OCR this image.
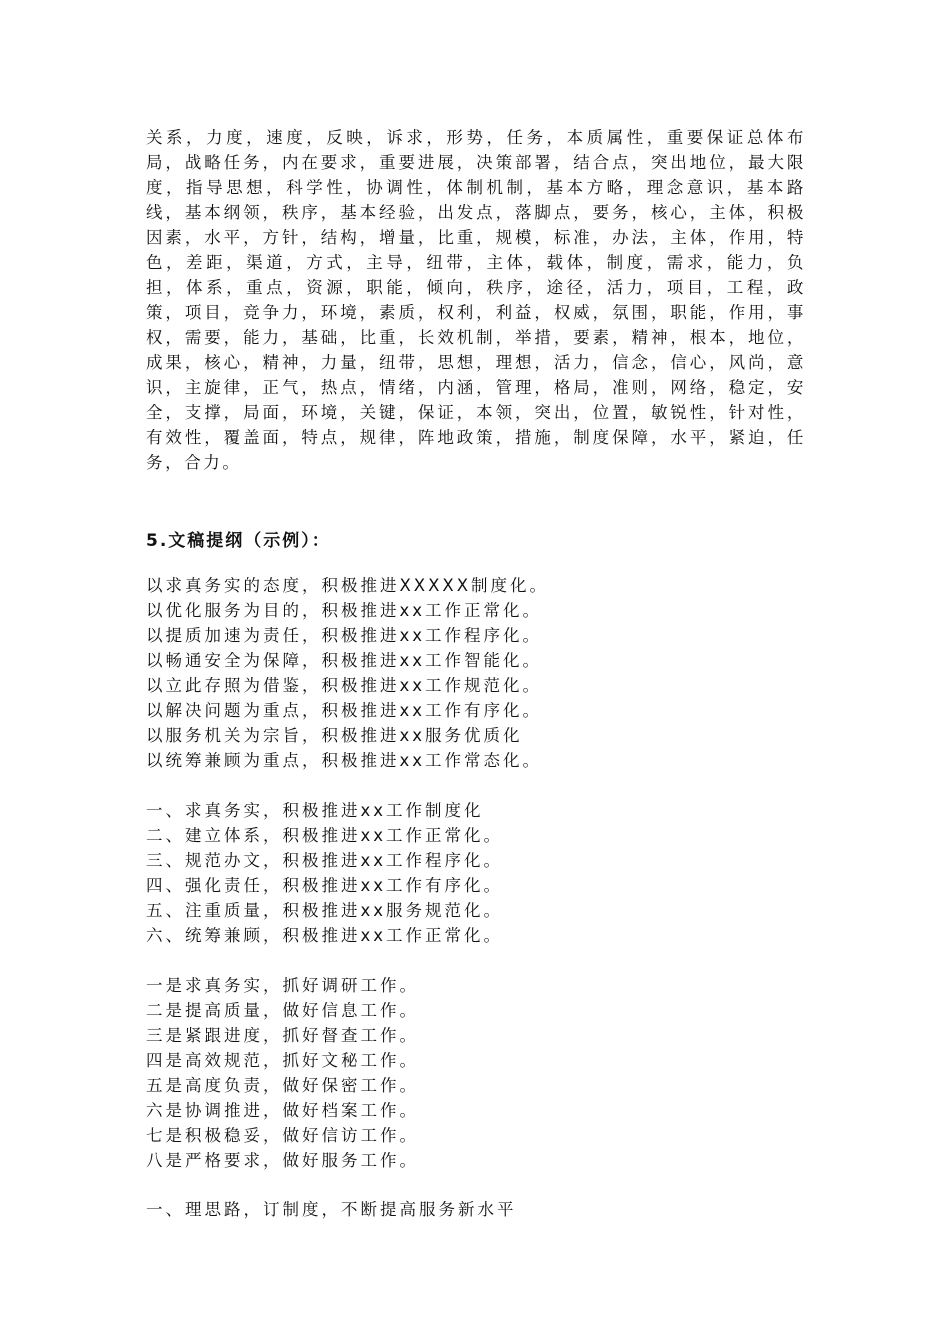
关系，力度，速度，反映，诉求，形势，任务，本质属性，重要保证总体布局，战略任务，内在要求，重要进展，决策部署，结合点，突出地位，最大限度，指导思想，科学性，协调性，体制机制，基本方略，理念意识，基本路线，基本纲领，秩序，基本经验，出发点，落脚点，要务，核心，主体，积极因素，水平，方针，结构，增量，比重，规模，标准，办法，主体，作用，特色，差距，渠道，方式，主导，纽带，主体，载体，制度，需求，能力，负担，体系，重点，资源，职能，倾向，秩序，途径，活力，项目，工程，政策，项目，竞争力，环境，素质，权利，利益，权威，氛围，职能，作用，事权，需要，能力，基础，比重，长效机制，举措，要素，精神，根本，地位，成果，核心，精神，力量，纽带，思想，理想，活力，信念，信心，风尚，意识，主旋律，正气，热点，情绪，内涵，管理，格局，准则，网络，稳定，安全，支撑，局面，环境，关键，保证，本领，突出，位置，敏锐性，针对性，有效性，覆盖面，特点，规律，阵地政策，措施，制度保障，水平，紧迫，任务，合力。

5.文稿提纲（示例）：

以求真务实的态度，积极推进XXXXX制度化。
以优化服务为目的，积极推进xx工作正常化。
以提质加速为责任，积极推进xx工作程序化。
以畅通安全为保障，积极推进xx工作智能化。
以立此存照为借鉴，积极推进xx工作规范化。
以解决问题为重点，积极推进xx工作有序化。
以服务机关为宗旨，积极推进xx服务优质化
以统筹兼顾为重点，积极推进xx工作常态化。
一、求真务实，积极推进xx工作制度化
二、建立体系，积极推进xx工作正常化。
三、规范办文，积极推进xx工作程序化。
四、强化责任，积极推进xx工作有序化。
五、注重质量，积极推进xx服务规范化。
六、统筹兼顾，积极推进xx工作正常化。
一是求真务实，抓好调研工作。
二是提高质量，做好信息工作。
三是紧跟进度，抓好督查工作。
四是高效规范，抓好文秘工作。
五是高度负责，做好保密工作。
六是协调推进，做好档案工作。
七是积极稳妥，做好信访工作。
八是严格要求，做好服务工作。
一、理思路，订制度，不断提高服务新水平
